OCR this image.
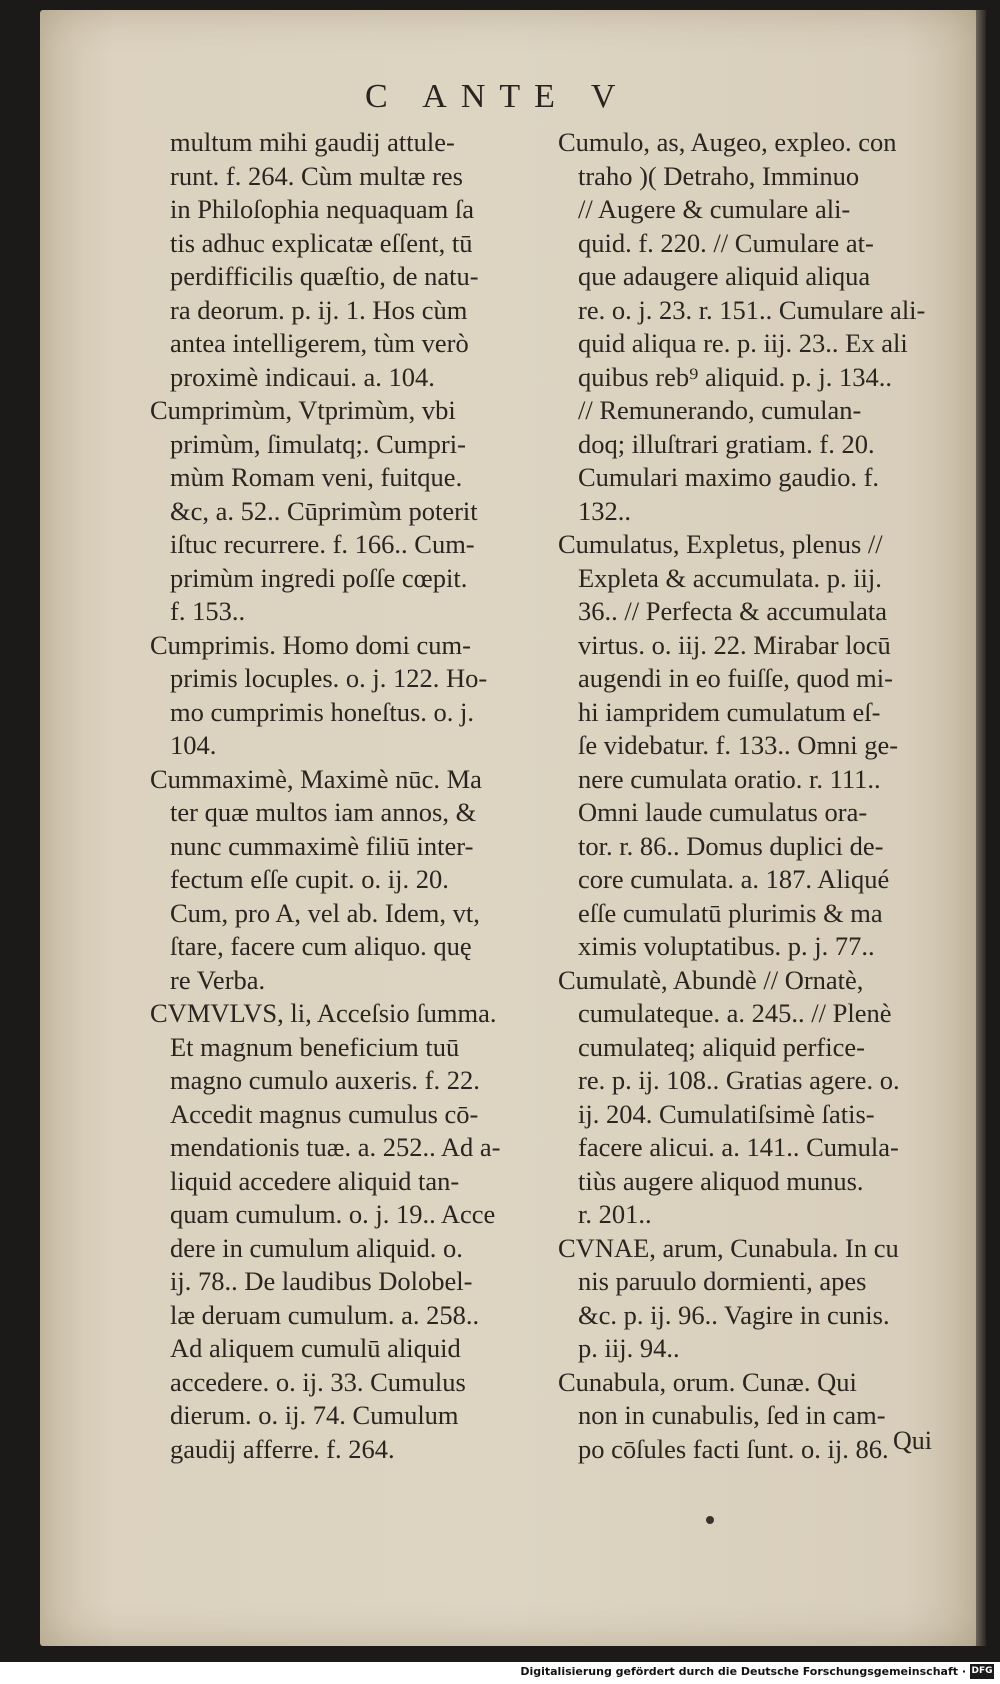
C ANTE V
multum mihi gaudij attule-
runt. f. 264. Cùm multæ res
in Philoſophia nequaquam ſa
tis adhuc explicatæ eſſent, tū
perdifficilis quæſtio, de natu-
ra deorum. p. ij. 1. Hos cùm
antea intelligerem, tùm verò
proximè indicaui. a. 104.
Cumprimùm, Vtprimùm, vbi
primùm, ſimulatq;. Cumpri-
mùm Romam veni, fuitque.
&c, a. 52.. Cūprimùm poterit
iſtuc recurrere. f. 166.. Cum-
primùm ingredi poſſe cœpit.
f. 153..
Cumprimis. Homo domi cum-
primis locuples. o. j. 122. Ho-
mo cumprimis honeſtus. o. j.
104.
Cummaximè, Maximè nūc. Ma
ter quæ multos iam annos, &
nunc cummaximè filiū inter-
fectum eſſe cupit. o. ij. 20.
Cum, pro A, vel ab. Idem, vt,
ſtare, facere cum aliquo. quę
re Verba.
CVMVLVS, li, Acceſsio ſumma.
Et magnum beneficium tuū
magno cumulo auxeris. f. 22.
Accedit magnus cumulus cō-
mendationis tuæ. a. 252.. Ad a-
liquid accedere aliquid tan-
quam cumulum. o. j. 19.. Acce
dere in cumulum aliquid. o.
ij. 78.. De laudibus Dolobel-
læ deruam cumulum. a. 258..
Ad aliquem cumulū aliquid
accedere. o. ij. 33. Cumulus
dierum. o. ij. 74. Cumulum
gaudij afferre. f. 264.
Cumulo, as, Augeo, expleo. con
traho )( Detraho, Imminuo
// Augere & cumulare ali-
quid. f. 220. // Cumulare at-
que adaugere aliquid aliqua
re. o. j. 23. r. 151.. Cumulare ali-
quid aliqua re. p. iij. 23.. Ex ali
quibus reb⁹ aliquid. p. j. 134..
// Remunerando, cumulan-
doq; illuſtrari gratiam. f. 20.
Cumulari maximo gaudio. f.
132..
Cumulatus, Expletus, plenus //
Expleta & accumulata. p. iij.
36.. // Perfecta & accumulata
virtus. o. iij. 22. Mirabar locū
augendi in eo fuiſſe, quod mi-
hi iampridem cumulatum eſ-
ſe videbatur. f. 133.. Omni ge-
nere cumulata oratio. r. 111..
Omni laude cumulatus ora-
tor. r. 86.. Domus duplici de-
core cumulata. a. 187. Aliqué
eſſe cumulatū plurimis & ma
ximis voluptatibus. p. j. 77..
Cumulatè, Abundè // Ornatè,
cumulateque. a. 245.. // Plenè
cumulateq; aliquid perfice-
re. p. ij. 108.. Gratias agere. o.
ij. 204. Cumulatiſsimè ſatis-
facere alicui. a. 141.. Cumula-
tiùs augere aliquod munus.
r. 201..
CVNAE, arum, Cunabula. In cu
nis paruulo dormienti, apes
&c. p. ij. 96.. Vagire in cunis.
p. iij. 94..
Cunabula, orum. Cunæ. Qui
non in cunabulis, ſed in cam-
po cōſules facti ſunt. o. ij. 86. Qui
Digitalisierung gefördert durch die Deutsche Forschungsgemeinschaft · DFG
